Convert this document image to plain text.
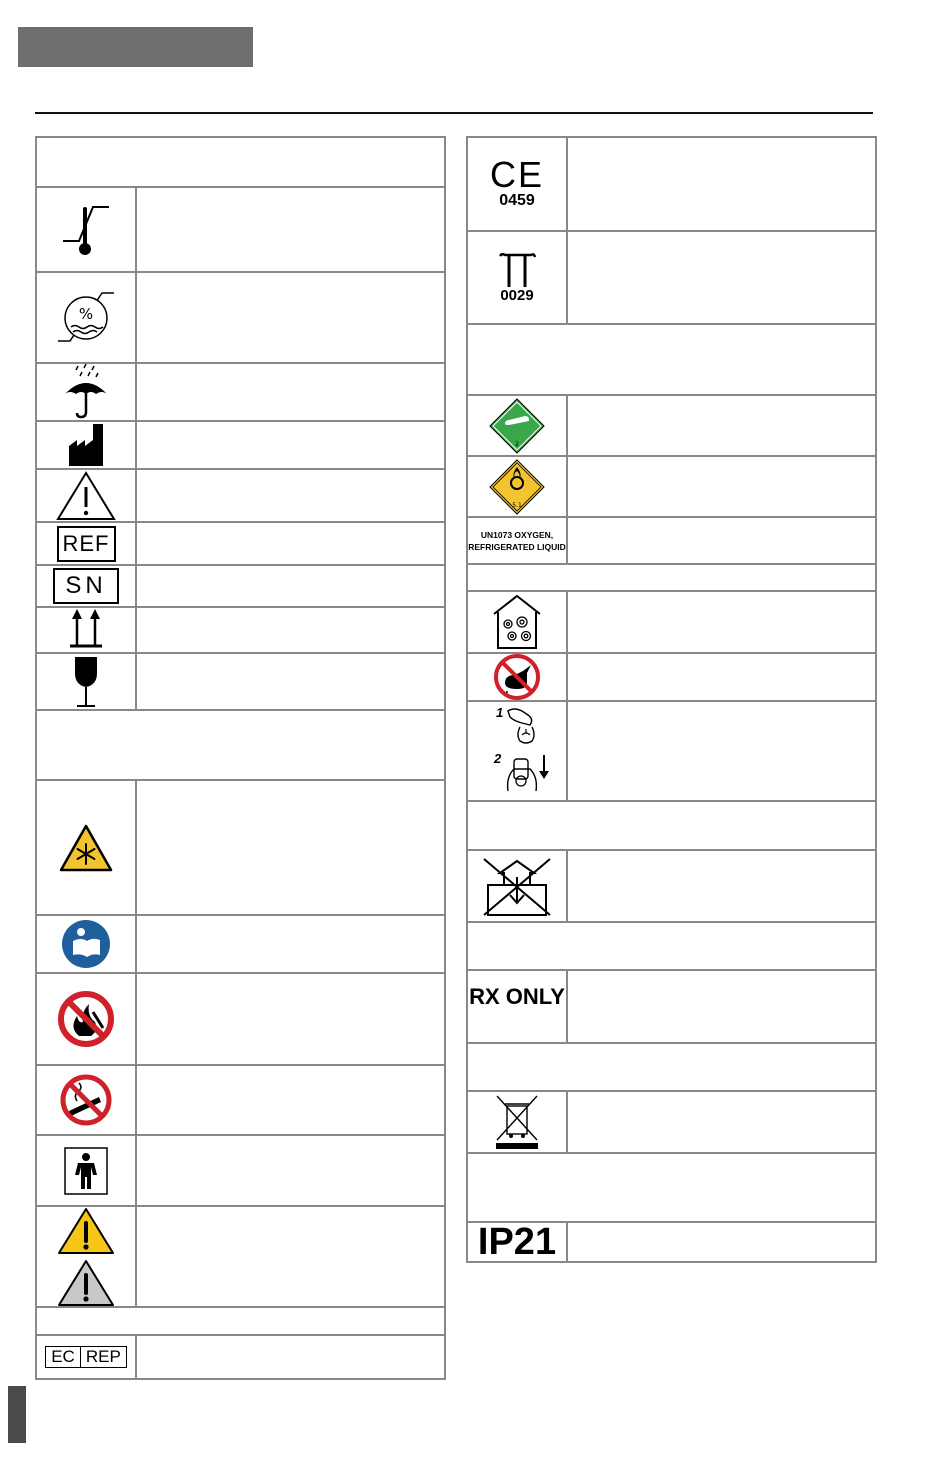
%
REF
SN
EC REP
CE
0459
0029
2
5.1
UN1073 OXYGEN,
REFRIGERATED LIQUID
1
2
RX ONLY
IP21
